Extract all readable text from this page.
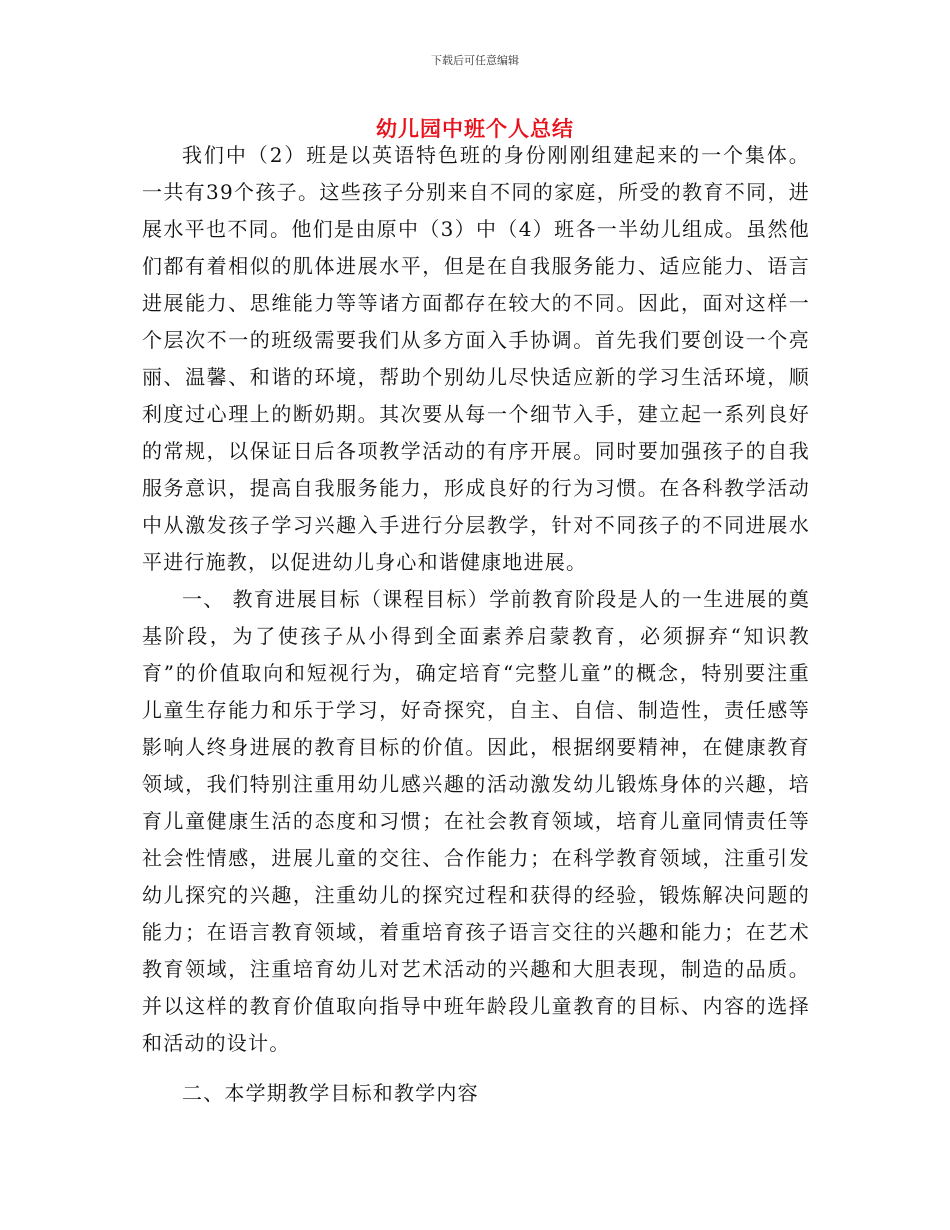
下载后可任意编辑
幼儿园中班个人总结

我们中（2）班是以英语特色班的身份刚刚组建起来的一个集体。一共有39个孩子。这些孩子分别来自不同的家庭，所受的教育不同，进展水平也不同。他们是由原中（3）中（4）班各一半幼儿组成。虽然他们都有着相似的肌体进展水平，但是在自我服务能力、适应能力、语言进展能力、思维能力等等诸方面都存在较大的不同。因此，面对这样一个层次不一的班级需要我们从多方面入手协调。首先我们要创设一个亮丽、温馨、和谐的环境，帮助个别幼儿尽快适应新的学习生活环境，顺利度过心理上的断奶期。其次要从每一个细节入手，建立起一系列良好的常规，以保证日后各项教学活动的有序开展。同时要加强孩子的自我服务意识，提高自我服务能力，形成良好的行为习惯。在各科教学活动中从激发孩子学习兴趣入手进行分层教学，针对不同孩子的不同进展水平进行施教，以促进幼儿身心和谐健康地进展。

一、 教育进展目标（课程目标）学前教育阶段是人的一生进展的奠基阶段，为了使孩子从小得到全面素养启蒙教育，必须摒弃“知识教育”的价值取向和短视行为，确定培育“完整儿童”的概念，特别要注重儿童生存能力和乐于学习，好奇探究，自主、自信、制造性，责任感等影响人终身进展的教育目标的价值。因此，根据纲要精神，在健康教育领域，我们特别注重用幼儿感兴趣的活动激发幼儿锻炼身体的兴趣，培育儿童健康生活的态度和习惯；在社会教育领域，培育儿童同情责任等社会性情感，进展儿童的交往、合作能力；在科学教育领域，注重引发幼儿探究的兴趣，注重幼儿的探究过程和获得的经验，锻炼解决问题的能力；在语言教育领域，着重培育孩子语言交往的兴趣和能力；在艺术教育领域，注重培育幼儿对艺术活动的兴趣和大胆表现，制造的品质。并以这样的教育价值取向指导中班年龄段儿童教育的目标、内容的选择和活动的设计。

二、本学期教学目标和教学内容
